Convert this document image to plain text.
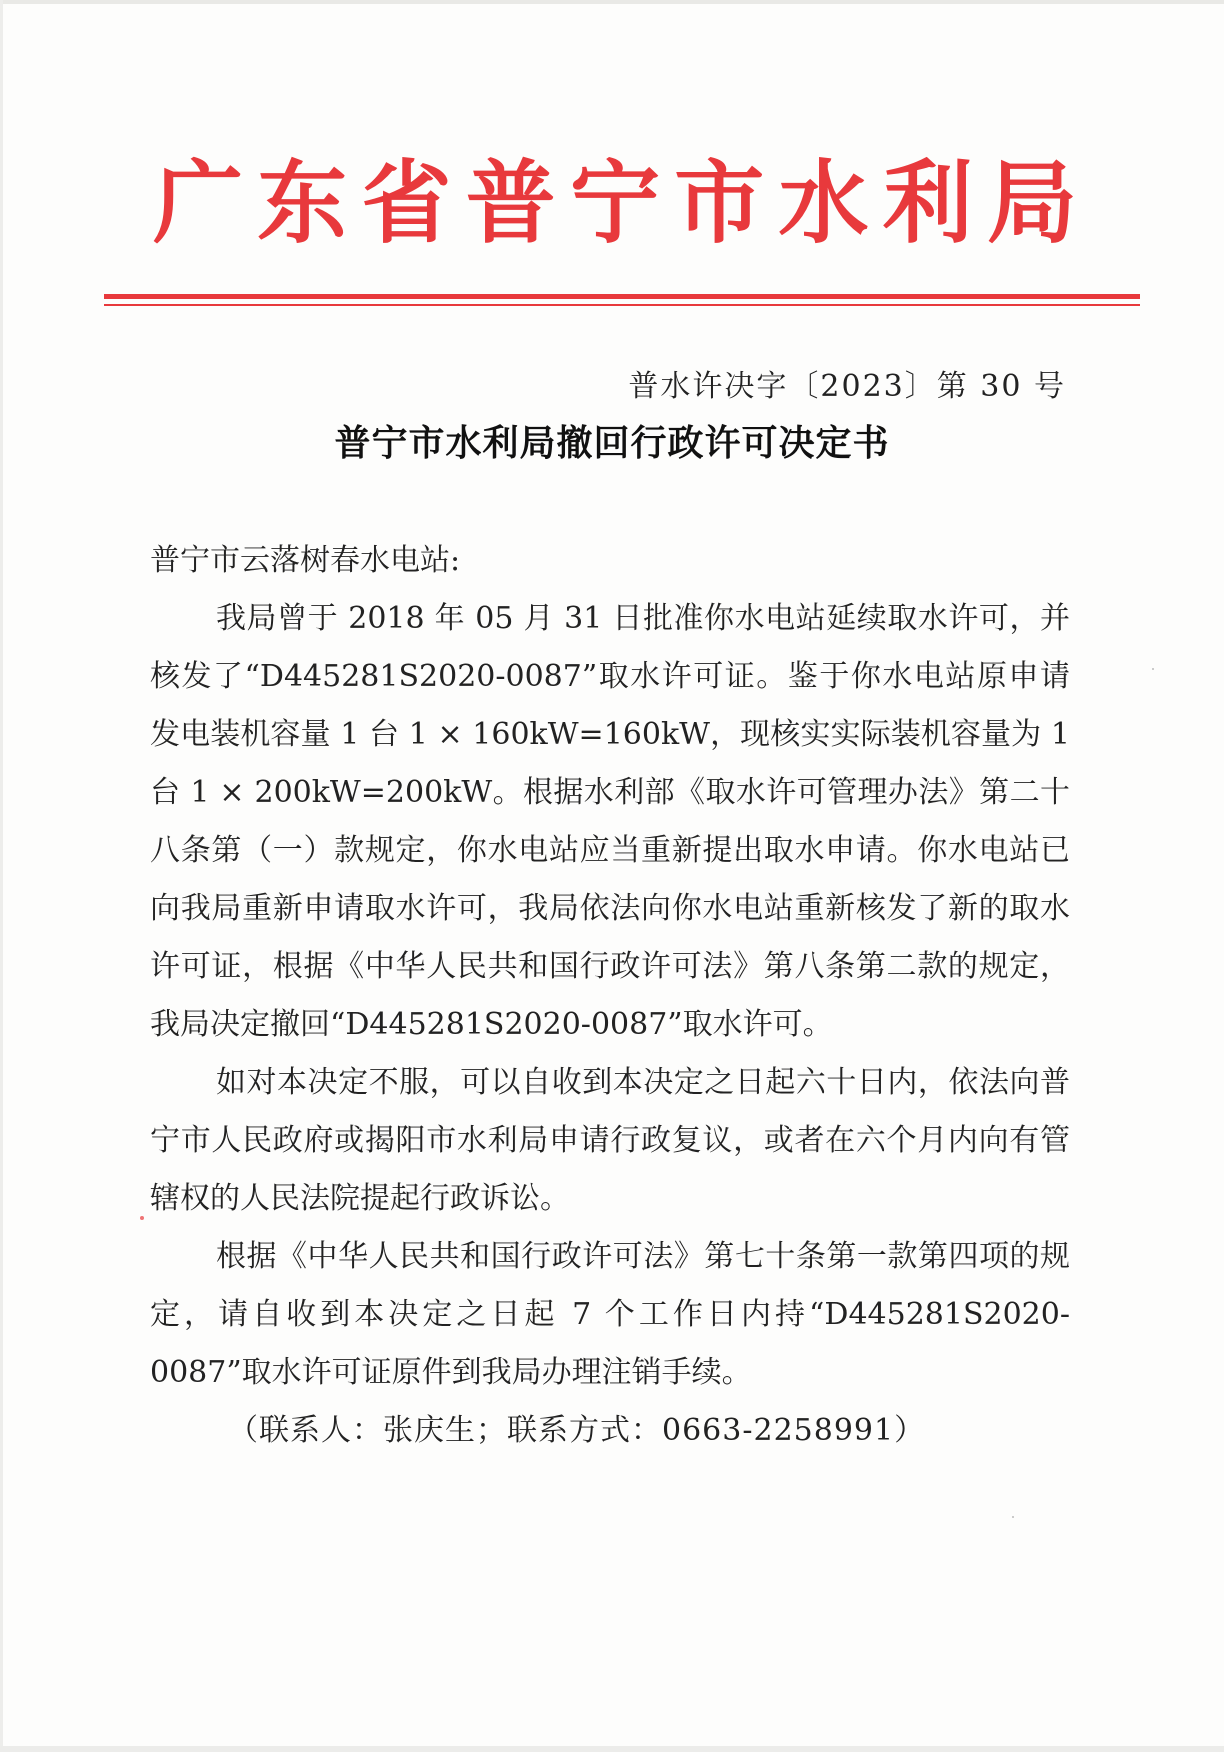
广 东 省 普 宁 市 水 利 局
普水许决字〔2023〕第 30 号
普宁市水利局撤回行政许可决定书

普宁市云落树春水电站:

我局曾于 2018 年 05 月 31 日批准你水电站延续取水许可，并核发了“D445281S2020-0087”取水许可证。鉴于你水电站原申请发电装机容量 1 台 1 × 160kW=160kW，现核实实际装机容量为 1 台 1 × 200kW=200kW。根据水利部《取水许可管理办法》第二十八条第（一）款规定，你水电站应当重新提出取水申请。你水电站已向我局重新申请取水许可，我局依法向你水电站重新核发了新的取水许可证，根据《中华人民共和国行政许可法》第八条第二款的规定，我局决定撤回“D445281S2020-0087”取水许可。

如对本决定不服，可以自收到本决定之日起六十日内，依法向普宁市人民政府或揭阳市水利局申请行政复议，或者在六个月内向有管辖权的人民法院提起行政诉讼。

根据《中华人民共和国行政许可法》第七十条第一款第四项的规定，请自收到本决定之日起 7 个工作日内持“D445281S2020-0087”取水许可证原件到我局办理注销手续。

（联系人：张庆生；联系方式：0663-2258991）
